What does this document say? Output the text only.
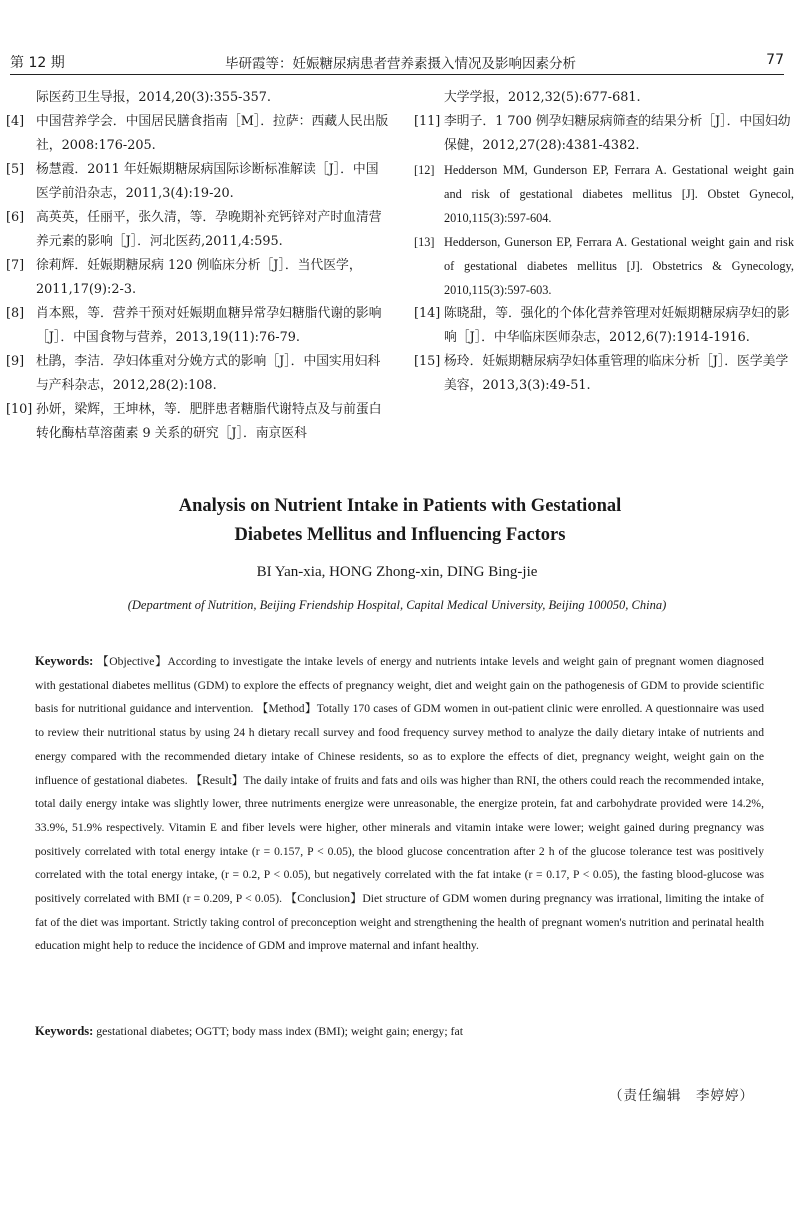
第 12 期	毕研霞等：妊娠糖尿病患者营养素摄入情况及影响因素分析	77
际医药卫生导报，2014,20(3):355-357.
[4] 中国营养学会．中国居民膳食指南［M］．拉萨：西藏人民出版社，2008:176-205.
[5] 杨慧霞．2011 年妊娠期糖尿病国际诊断标准解读［J］．中国医学前沿杂志，2011,3(4):19-20.
[6] 高英英，任丽平，张久清，等．孕晚期补充钙锌对产时血清营养元素的影响［J］．河北医药,2011,4:595.
[7] 徐莉辉．妊娠期糖尿病 120 例临床分析［J］．当代医学，2011,17(9):2-3.
[8] 肖本熙，等．营养干预对妊娠期血糖异常孕妇糖脂代谢的影响［J］．中国食物与营养，2013,19(11):76-79.
[9] 杜鹃，李洁．孕妇体重对分娩方式的影响［J］．中国实用妇科与产科杂志，2012,28(2):108.
[10] 孙妍，梁辉，王坤林，等．肥胖患者糖脂代谢特点及与前蛋白转化酶枯草溶菌素 9 关系的研究［J］．南京医科
大学学报，2012,32(5):677-681.
[11] 李明子．1 700 例孕妇糖尿病筛查的结果分析［J］．中国妇幼保健，2012,27(28):4381-4382.
[12] Hedderson MM, Gunderson EP, Ferrara A. Gestational weight gain and risk of gestational diabetes mellitus [J]. Obstet Gynecol, 2010,115(3):597-604.
[13] Hedderson, Gunerson EP, Ferrara A. Gestational weight gain and risk of gestational diabetes mellitus [J]. Obstetrics & Gynecology, 2010,115(3):597-603.
[14] 陈晓甜，等．强化的个体化营养管理对妊娠期糖尿病孕妇的影响［J］．中华临床医师杂志，2012,6(7):1914-1916.
[15] 杨玲．妊娠期糖尿病孕妇体重管理的临床分析［J］．医学美学美容，2013,3(3):49-51.
Analysis on Nutrient Intake in Patients with Gestational
Diabetes Mellitus and Influencing Factors
BI Yan-xia, HONG Zhong-xin, DING Bing-jie
(Department of Nutrition, Beijing Friendship Hospital, Capital Medical University, Beijing 100050, China)
Keywords: 【Objective】According to investigate the intake levels of energy and nutrients intake levels and weight gain of pregnant women diagnosed with gestational diabetes mellitus (GDM) to explore the effects of pregnancy weight, diet and weight gain on the pathogenesis of GDM to provide scientific basis for nutritional guidance and intervention. 【Method】Totally 170 cases of GDM women in out-patient clinic were enrolled. A questionnaire was used to review their nutritional status by using 24 h dietary recall survey and food frequency survey method to analyze the daily dietary intake of nutrients and energy compared with the recommended dietary intake of Chinese residents, so as to explore the effects of diet, pregnancy weight, weight gain on the influence of gestational diabetes. 【Result】The daily intake of fruits and fats and oils was higher than RNI, the others could reach the recommended intake, total daily energy intake was slightly lower, three nutriments energize were unreasonable, the energize protein, fat and carbohydrate provided were 14.2%, 33.9%, 51.9% respectively. Vitamin E and fiber levels were higher, other minerals and vitamin intake were lower; weight gained during pregnancy was positively correlated with total energy intake (r = 0.157, P < 0.05), the blood glucose concentration after 2 h of the glucose tolerance test was positively correlated with the total energy intake, (r = 0.2, P < 0.05), but negatively correlated with the fat intake (r = 0.17, P < 0.05), the fasting blood-glucose was positively correlated with BMI (r = 0.209, P < 0.05). 【Conclusion】Diet structure of GDM women during pregnancy was irrational, limiting the intake of fat of the diet was important. Strictly taking control of preconception weight and strengthening the health of pregnant women's nutrition and perinatal health education might help to reduce the incidence of GDM and improve maternal and infant healthy.
Keywords: gestational diabetes; OGTT; body mass index (BMI); weight gain; energy; fat
（责任编辑　李婷婷）
